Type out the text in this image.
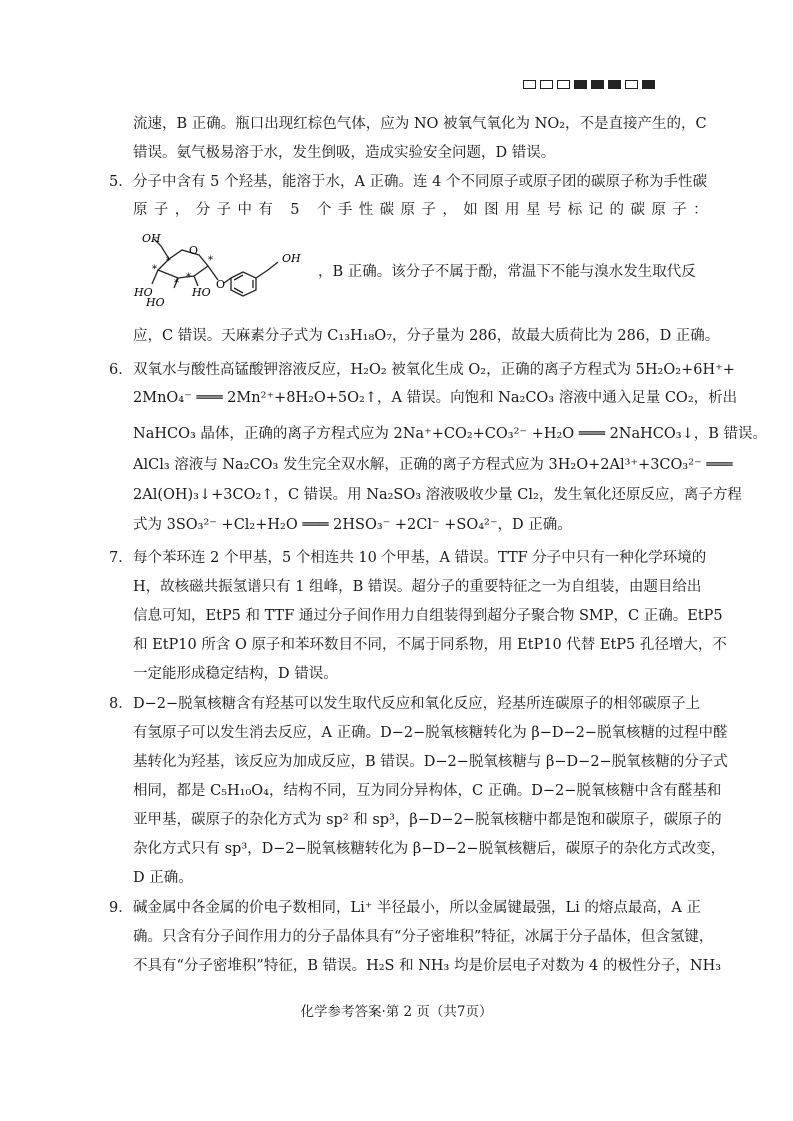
流速，B 正确。瓶口出现红棕色气体，应为 NO 被氧气氧化为 NO₂，不是直接产生的，C
错误。氨气极易溶于水，发生倒吸，造成实验安全问题，D 错误。
5． 分子中含有 5 个羟基，能溶于水，A 正确。连 4 个不同原子或原子团的碳原子称为手性碳
原子，分子中有 5 个手性碳原子，如图用星号标记的碳原子：
OH
O
OH
HO
HO
HO
O
*
*
*
*
*
，B 正确。该分子不属于酚，常温下不能与溴水发生取代反
应，C 错误。天麻素分子式为 C₁₃H₁₈O₇，分子量为 286，故最大质荷比为 286，D 正确。
6． 双氧水与酸性高锰酸钾溶液反应，H₂O₂ 被氧化生成 O₂，正确的离子方程式为 5H₂O₂+6H⁺+
2MnO₄⁻ ═══ 2Mn²⁺+8H₂O+5O₂↑，A 错误。向饱和 Na₂CO₃ 溶液中通入足量 CO₂，析出
NaHCO₃ 晶体，正确的离子方程式应为 2Na⁺+CO₂+CO₃²⁻ +H₂O ═══ 2NaHCO₃↓，B 错误。
AlCl₃ 溶液与 Na₂CO₃ 发生完全双水解，正确的离子方程式应为 3H₂O+2Al³⁺+3CO₃²⁻ ═══
2Al(OH)₃↓+3CO₂↑，C 错误。用 Na₂SO₃ 溶液吸收少量 Cl₂，发生氧化还原反应，离子方程
式为 3SO₃²⁻ +Cl₂+H₂O ═══ 2HSO₃⁻ +2Cl⁻ +SO₄²⁻，D 正确。
7． 每个苯环连 2 个甲基，5 个相连共 10 个甲基，A 错误。TTF 分子中只有一种化学环境的
H，故核磁共振氢谱只有 1 组峰，B 错误。超分子的重要特征之一为自组装，由题目给出
信息可知，EtP5 和 TTF 通过分子间作用力自组装得到超分子聚合物 SMP，C 正确。EtP5
和 EtP10 所含 O 原子和苯环数目不同，不属于同系物，用 EtP10 代替 EtP5 孔径增大，不
一定能形成稳定结构，D 错误。
8． D−2−脱氧核糖含有羟基可以发生取代反应和氧化反应，羟基所连碳原子的相邻碳原子上
有氢原子可以发生消去反应，A 正确。D−2−脱氧核糖转化为 β−D−2−脱氧核糖的过程中醛
基转化为羟基，该反应为加成反应，B 错误。D−2−脱氧核糖与 β−D−2−脱氧核糖的分子式
相同，都是 C₅H₁₀O₄，结构不同，互为同分异构体，C 正确。D−2−脱氧核糖中含有醛基和
亚甲基，碳原子的杂化方式为 sp² 和 sp³，β−D−2−脱氧核糖中都是饱和碳原子，碳原子的
杂化方式只有 sp³，D−2−脱氧核糖转化为 β−D−2−脱氧核糖后，碳原子的杂化方式改变，
D 正确。
9． 碱金属中各金属的价电子数相同，Li⁺ 半径最小，所以金属键最强，Li 的熔点最高，A 正
确。只含有分子间作用力的分子晶体具有“分子密堆积”特征，冰属于分子晶体，但含氢键，
不具有“分子密堆积”特征，B 错误。H₂S 和 NH₃ 均是价层电子对数为 4 的极性分子，NH₃
化学参考答案·第 2 页（共7页）
